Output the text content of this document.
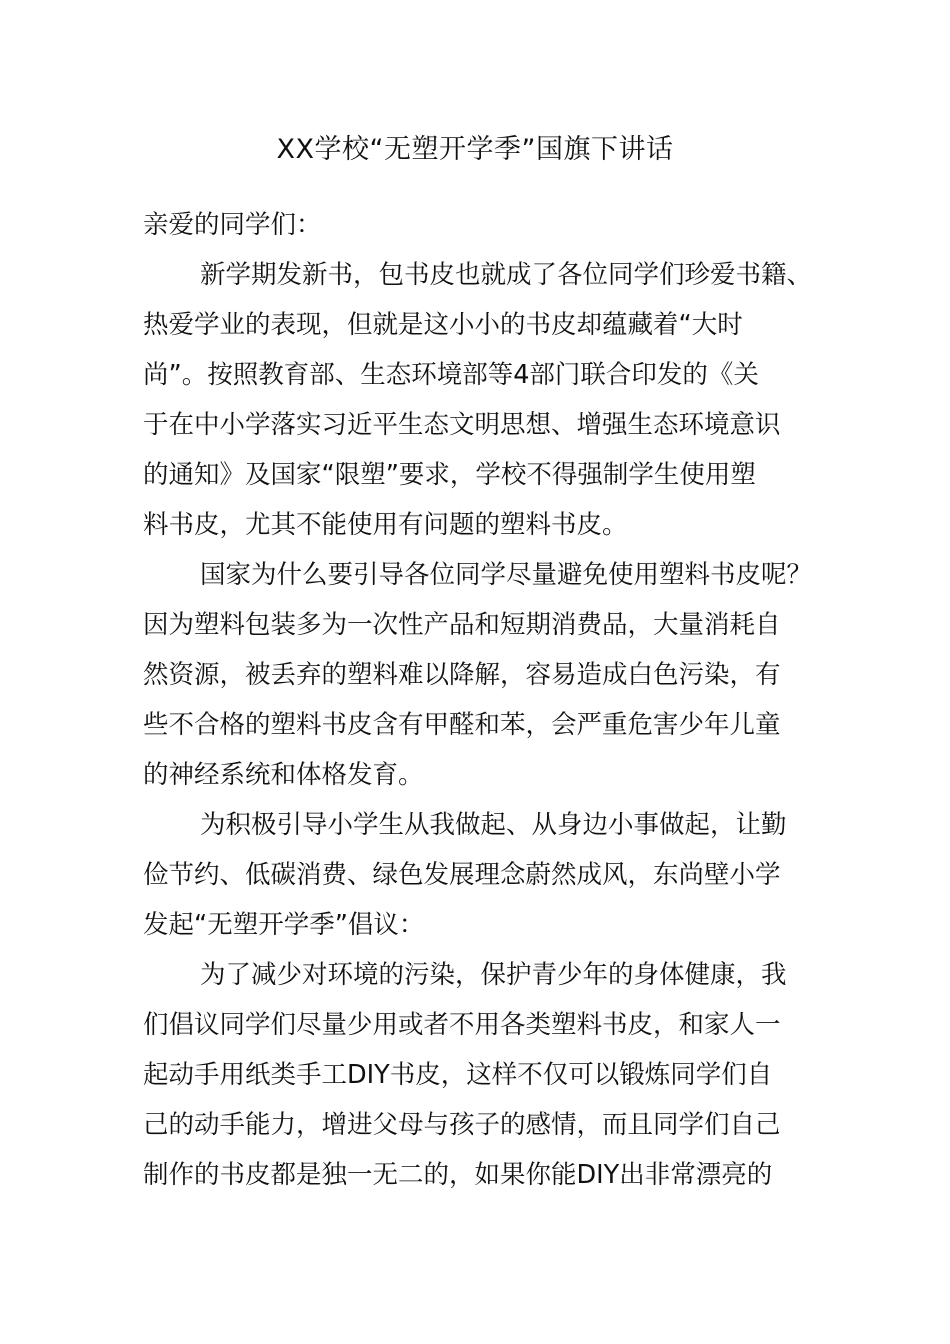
XX学校“无塑开学季”国旗下讲话
亲爱的同学们：
新学期发新书，包书皮也就成了各位同学们珍爱书籍、
热爱学业的表现，但就是这小小的书皮却蕴藏着“大时
尚”。按照教育部、生态环境部等4部门联合印发的《关
于在中小学落实习近平生态文明思想、增强生态环境意识
的通知》及国家“限塑”要求，学校不得强制学生使用塑
料书皮，尤其不能使用有问题的塑料书皮。
国家为什么要引导各位同学尽量避免使用塑料书皮呢？
因为塑料包装多为一次性产品和短期消费品，大量消耗自
然资源，被丢弃的塑料难以降解，容易造成白色污染，有
些不合格的塑料书皮含有甲醛和苯，会严重危害少年儿童
的神经系统和体格发育。
为积极引导小学生从我做起、从身边小事做起，让勤
俭节约、低碳消费、绿色发展理念蔚然成风，东尚壁小学
发起“无塑开学季”倡议：
为了减少对环境的污染，保护青少年的身体健康，我
们倡议同学们尽量少用或者不用各类塑料书皮，和家人一
起动手用纸类手工DIY书皮，这样不仅可以锻炼同学们自
己的动手能力，增进父母与孩子的感情，而且同学们自己
制作的书皮都是独一无二的，如果你能DIY出非常漂亮的
